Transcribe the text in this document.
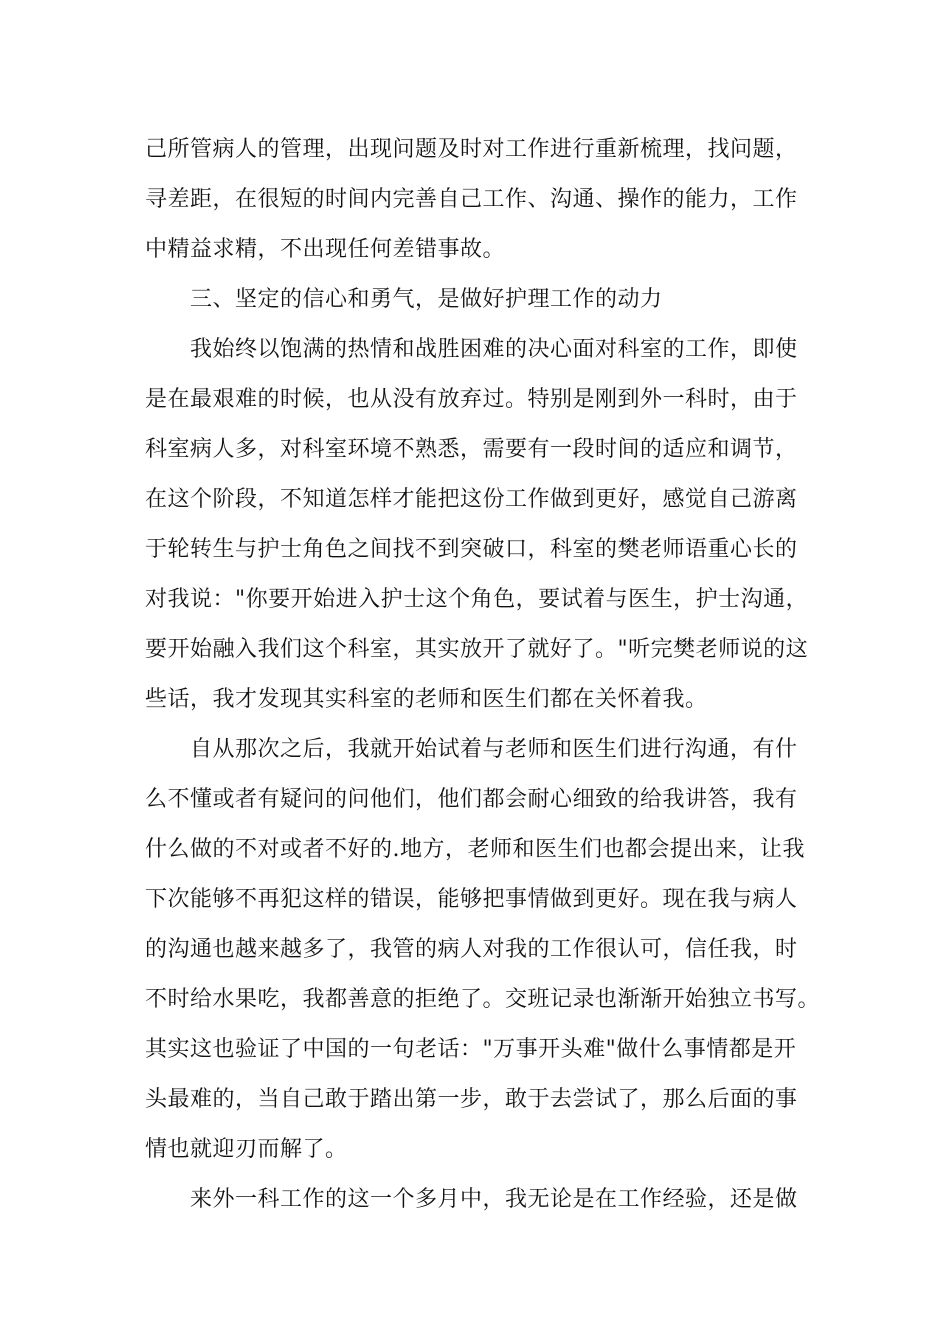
己所管病人的管理，出现问题及时对工作进行重新梳理，找问题，
寻差距，在很短的时间内完善自己工作、沟通、操作的能力，工作
中精益求精，不出现任何差错事故。
三、坚定的信心和勇气，是做好护理工作的动力
我始终以饱满的热情和战胜困难的决心面对科室的工作，即使
是在最艰难的时候，也从没有放弃过。特别是刚到外一科时，由于
科室病人多，对科室环境不熟悉，需要有一段时间的适应和调节，
在这个阶段，不知道怎样才能把这份工作做到更好，感觉自己游离
于轮转生与护士角色之间找不到突破口，科室的樊老师语重心长的
对我说："你要开始进入护士这个角色，要试着与医生，护士沟通，
要开始融入我们这个科室，其实放开了就好了。"听完樊老师说的这
些话，我才发现其实科室的老师和医生们都在关怀着我。
自从那次之后，我就开始试着与老师和医生们进行沟通，有什
么不懂或者有疑问的问他们，他们都会耐心细致的给我讲答，我有
什么做的不对或者不好的.地方，老师和医生们也都会提出来，让我
下次能够不再犯这样的错误，能够把事情做到更好。现在我与病人
的沟通也越来越多了，我管的病人对我的工作很认可，信任我，时
不时给水果吃，我都善意的拒绝了。交班记录也渐渐开始独立书写。
其实这也验证了中国的一句老话："万事开头难"做什么事情都是开
头最难的，当自己敢于踏出第一步，敢于去尝试了，那么后面的事
情也就迎刃而解了。
来外一科工作的这一个多月中，我无论是在工作经验，还是做
